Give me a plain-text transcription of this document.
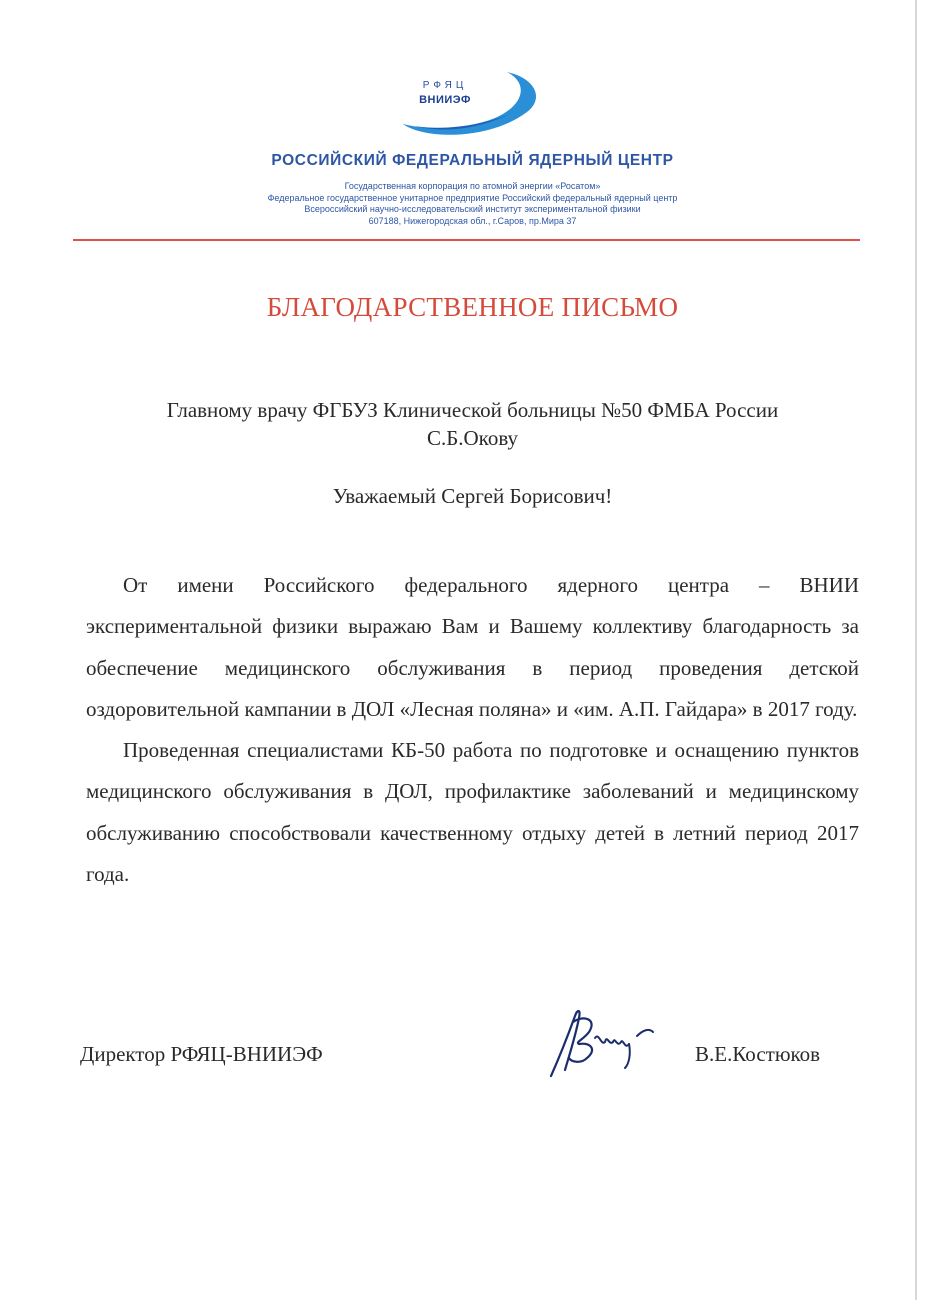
РФЯЦ
ВНИИЭФ
РОССИЙСКИЙ ФЕДЕРАЛЬНЫЙ ЯДЕРНЫЙ ЦЕНТР
Государственная корпорация по атомной энергии «Росатом»
Федеральное государственное унитарное предприятие Российский федеральный ядерный центр
Всероссийский научно-исследовательский институт экспериментальной физики
607188, Нижегородская обл., г.Саров, пр.Мира 37
БЛАГОДАРСТВЕННОЕ ПИСЬМО
Главному врачу ФГБУЗ Клинической больницы №50 ФМБА России
С.Б.Окову
Уважаемый Сергей Борисович!

От имени Российского федерального ядерного центра – ВНИИ экспериментальной физики выражаю Вам и Вашему коллективу благодарность за обеспечение медицинского обслуживания в период проведения детской оздоровительной кампании в ДОЛ «Лесная поляна» и «им. А.П. Гайдара» в 2017 году.

Проведенная специалистами КБ-50 работа по подготовке и оснащению пунктов медицинского обслуживания в ДОЛ, профилактике заболеваний и медицинскому обслуживанию способствовали качественному отдыху детей в летний период 2017 года.

Директор РФЯЦ-ВНИИЭФ	В.Е.Костюков
